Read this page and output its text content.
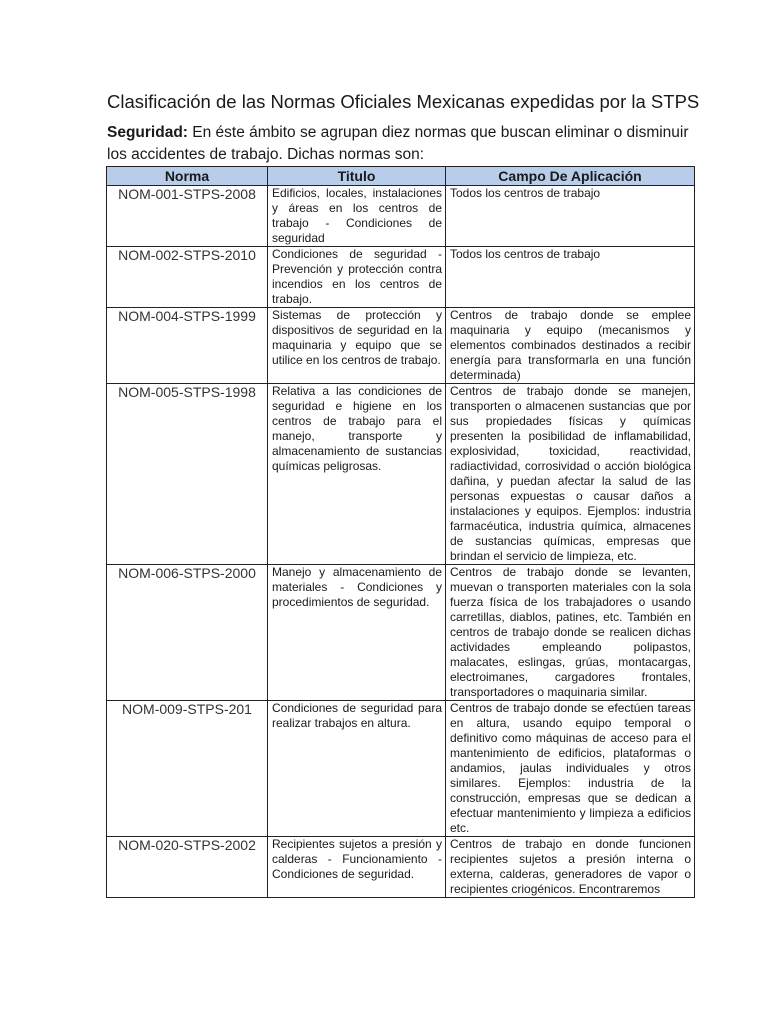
Clasificación de las Normas Oficiales Mexicanas expedidas por la STPS

Seguridad: En éste ámbito se agrupan diez normas que buscan eliminar o disminuir los accidentes de trabajo. Dichas normas son:

Norma	Titulo	Campo De Aplicación
NOM-001-STPS-2008	Edificios, locales, instalaciones y áreas en los centros de trabajo - Condiciones de seguridad	Todos los centros de trabajo
NOM-002-STPS-2010	Condiciones de seguridad - Prevención y protección contra incendios en los centros de trabajo.	Todos los centros de trabajo
NOM-004-STPS-1999	Sistemas de protección y dispositivos de seguridad en la maquinaria y equipo que se utilice en los centros de trabajo.	Centros de trabajo donde se emplee maquinaria y equipo (mecanismos y elementos combinados destinados a recibir energía para transformarla en una función determinada)
NOM-005-STPS-1998	Relativa a las condiciones de seguridad e higiene en los centros de trabajo para el manejo, transporte y almacenamiento de sustancias químicas peligrosas.	Centros de trabajo donde se manejen, transporten o almacenen sustancias que por sus propiedades físicas y químicas presenten la posibilidad de inflamabilidad, explosividad, toxicidad, reactividad, radiactividad, corrosividad o acción biológica dañina, y puedan afectar la salud de las personas expuestas o causar daños a instalaciones y equipos. Ejemplos: industria farmacéutica, industria química, almacenes de sustancias químicas, empresas que brindan el servicio de limpieza, etc.
NOM-006-STPS-2000	Manejo y almacenamiento de materiales - Condiciones y procedimientos de seguridad.	Centros de trabajo donde se levanten, muevan o transporten materiales con la sola fuerza física de los trabajadores o usando carretillas, diablos, patines, etc. También en centros de trabajo donde se realicen dichas actividades empleando polipastos, malacates, eslingas, grúas, montacargas, electroimanes, cargadores frontales, transportadores o maquinaria similar.
NOM-009-STPS-201	Condiciones de seguridad para realizar trabajos en altura.	Centros de trabajo donde se efectúen tareas en altura, usando equipo temporal o definitivo como máquinas de acceso para el mantenimiento de edificios, plataformas o andamios, jaulas individuales y otros similares. Ejemplos: industria de la construcción, empresas que se dedican a efectuar mantenimiento y limpieza a edificios etc.
NOM-020-STPS-2002	Recipientes sujetos a presión y calderas - Funcionamiento - Condiciones de seguridad.	Centros de trabajo en donde funcionen recipientes sujetos a presión interna o externa, calderas, generadores de vapor o recipientes criogénicos. Encontraremos
